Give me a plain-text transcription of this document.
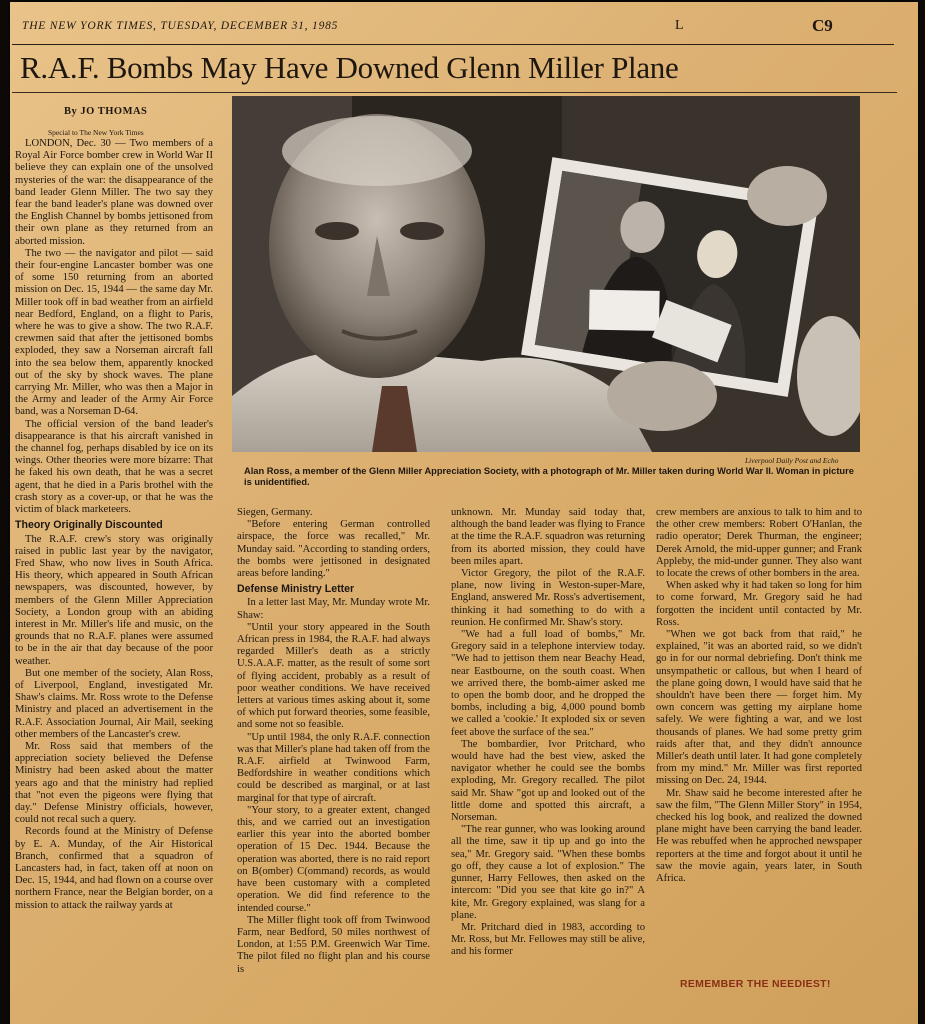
THE NEW YORK TIMES, TUESDAY, DECEMBER 31, 1985	L	C9
R.A.F. Bombs May Have Downed Glenn Miller Plane
By JO THOMAS
Special to The New York Times

LONDON, Dec. 30 — Two members of a Royal Air Force bomber crew in World War II believe they can explain one of the unsolved mysteries of the war: the disappearance of the band leader Glenn Miller. The two say they fear the band leader's plane was downed over the English Channel by bombs jettisoned from their own plane as they returned from an aborted mission.

The two — the navigator and pilot — said their four-engine Lancaster bomber was one of some 150 returning from an aborted mission on Dec. 15, 1944 — the same day Mr. Miller took off in bad weather from an airfield near Bedford, England, on a flight to Paris, where he was to give a show. The two R.A.F. crewmen said that after the jettisoned bombs exploded, they saw a Norseman aircraft fall into the sea below them, apparently knocked out of the sky by shock waves. The plane carrying Mr. Miller, who was then a Major in the Army and leader of the Army Air Force band, was a Norseman D-64.

The official version of the band leader's disappearance is that his aircraft vanished in the channel fog, perhaps disabled by ice on its wings. Other theories were more bizarre: That he faked his own death, that he was a secret agent, that he died in a Paris brothel with the crash story as a cover-up, or that he was the victim of black marketeers.

Theory Originally Discounted

The R.A.F. crew's story was originally raised in public last year by the navigator, Fred Shaw, who now lives in South Africa. His theory, which appeared in South African newspapers, was discounted, however, by members of the Glenn Miller Appreciation Society, a London group with an abiding interest in Mr. Miller's life and music, on the grounds that no R.A.F. planes were assumed to be in the air that day because of the poor weather.

But one member of the society, Alan Ross, of Liverpool, England, investigated Mr. Shaw's claims. Mr. Ross wrote to the Defense Ministry and placed an advertisement in the R.A.F. Association Journal, Air Mail, seeking other members of the Lancaster's crew.

Mr. Ross said that members of the appreciation society believed the Defense Ministry had been asked about the matter years ago and that the ministry had replied that "not even the pigeons were flying that day." Defense Ministry officials, however, could not recal such a query.

Records found at the Ministry of Defense by E. A. Munday, of the Air Historical Branch, confirmed that a squadron of Lancasters had, in fact, taken off at noon on Dec. 15, 1944, and had flown on a course over northern France, near the Belgian border, on a mission to attack the railway yards at

Liverpool Daily Post and Echo
Alan Ross, a member of the Glenn Miller Appreciation Society, with a photograph of Mr. Miller taken during World War II. Woman in picture is unidentified.

Siegen, Germany.

"Before entering German controlled airspace, the force was recalled," Mr. Munday said. "According to standing orders, the bombs were jettisoned in designated areas before landing."

Defense Ministry Letter

In a letter last May, Mr. Munday wrote Mr. Shaw:

"Until your story appeared in the South African press in 1984, the R.A.F. had always regarded Miller's death as a strictly U.S.A.A.F. matter, as the result of some sort of flying accident, probably as a result of poor weather conditions. We have received letters at various times asking about it, some of which put forward theories, some feasible, and some not so feasible.

"Up until 1984, the only R.A.F. connection was that Miller's plane had taken off from the R.A.F. airfield at Twinwood Farm, Bedfordshire in weather conditions which could be described as marginal, or at last marginal for that type of aircraft.

"Your story, to a greater extent, changed this, and we carried out an investigation earlier this year into the aborted bomber operation of 15 Dec. 1944. Because the operation was aborted, there is no raid report on B(omber) C(ommand) records, as would have been customary with a completed operation. We did find reference to the intended course."

The Miller flight took off from Twinwood Farm, near Bedford, 50 miles northwest of London, at 1:55 P.M. Greenwich War Time. The pilot filed no flight plan and his course is

unknown. Mr. Munday said today that, although the band leader was flying to France at the time the R.A.F. squadron was returning from its aborted mission, they could have been miles apart.

Victor Gregory, the pilot of the R.A.F. plane, now living in Weston-super-Mare, England, answered Mr. Ross's advertisement, thinking it had something to do with a reunion. He confirmed Mr. Shaw's story.

"We had a full load of bombs," Mr. Gregory said in a telephone interview today. "We had to jettison them near Beachy Head, near Eastbourne, on the south coast. When we arrived there, the bomb-aimer asked me to open the bomb door, and he dropped the bombs, including a big, 4,000 pound bomb we called a 'cookie.' It exploded six or seven feet above the surface of the sea."

The bombardier, Ivor Pritchard, who would have had the best view, asked the navigator whether he could see the bombs exploding, Mr. Gregory recalled. The pilot said Mr. Shaw "got up and looked out of the little dome and spotted this aircraft, a Norseman.

"The rear gunner, who was looking around all the time, saw it tip up and go into the sea," Mr. Gregory said. "When these bombs go off, they cause a lot of explosion." The gunner, Harry Fellowes, then asked on the intercom: "Did you see that kite go in?" A kite, Mr. Gregory explained, was slang for a plane.

Mr. Pritchard died in 1983, according to Mr. Ross, but Mr. Fellowes may still be alive, and his former

crew members are anxious to talk to him and to the other crew members: Robert O'Hanlan, the radio operator; Derek Thurman, the engineer; Derek Arnold, the mid-upper gunner; and Frank Appleby, the mid-under gunner. They also want to locate the crews of other bombers in the area.

When asked why it had taken so long for him to come forward, Mr. Gregory said he had forgotten the incident until contacted by Mr. Ross.

"When we got back from that raid," he explained, "it was an aborted raid, so we didn't go in for our normal debriefing. Don't think me unsympathetic or callous, but when I heard of the plane going down, I would have said that he shouldn't have been there — forget him. My own concern was getting my airplane home safely. We were fighting a war, and we lost thousands of planes. We had some pretty grim raids after that, and they didn't announce Miller's death until later. It had gone completely from my mind." Mr. Miller was first reported missing on Dec. 24, 1944.

Mr. Shaw said he become interested after he saw the film, "The Glenn Miller Story" in 1954, checked his log book, and realized the downed plane might have been carrying the band leader. He was rebuffed when he approched newspaper reporters at the time and forgot about it until he saw the movie again, years later, in South Africa.

REMEMBER THE NEEDIEST!
